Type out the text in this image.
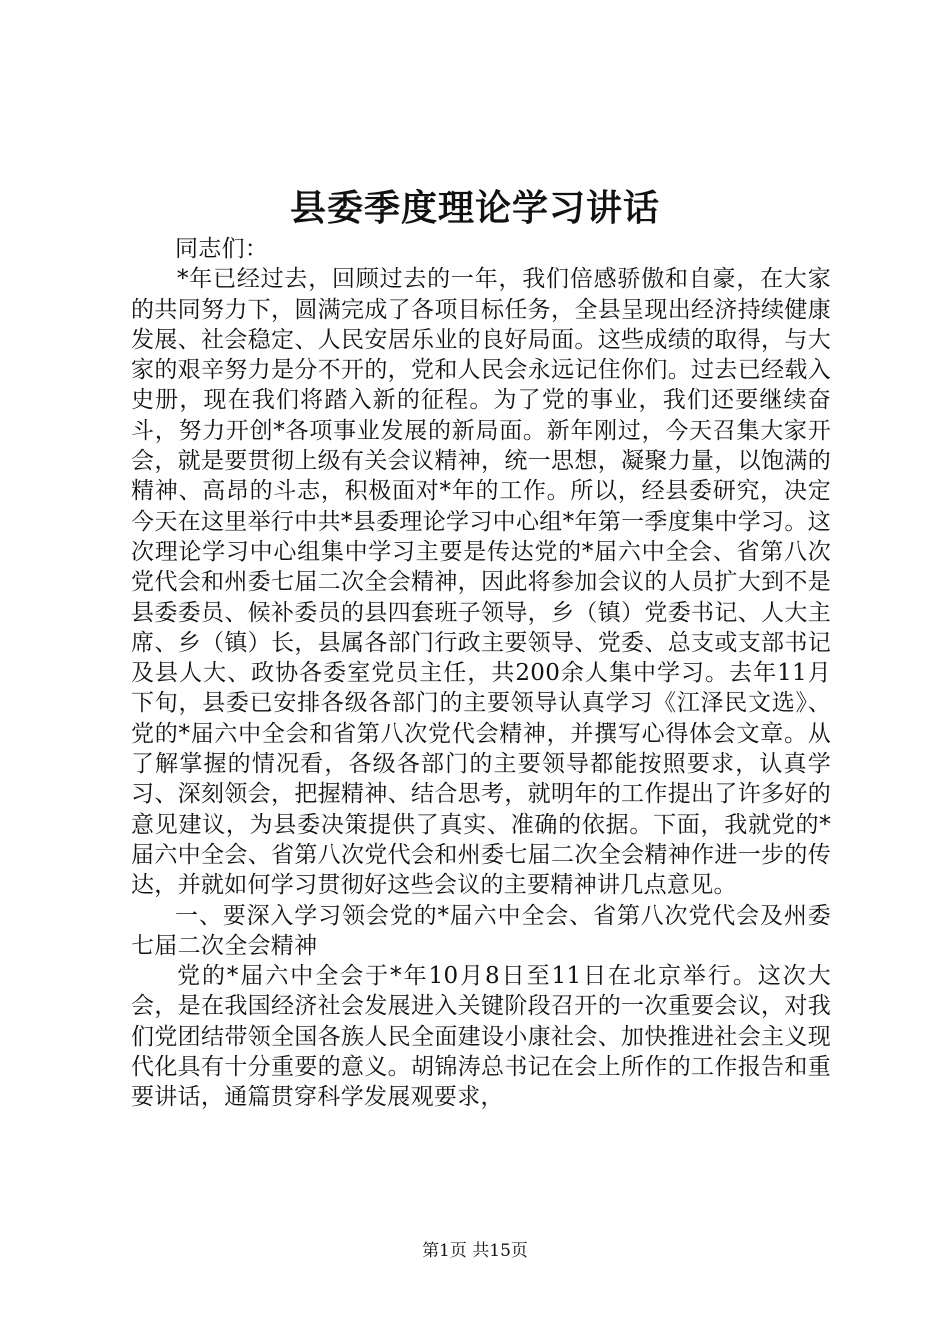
县委季度理论学习讲话

同志们：

*年已经过去，回顾过去的一年，我们倍感骄傲和自豪，在大家的共同努力下，圆满完成了各项目标任务，全县呈现出经济持续健康发展、社会稳定、人民安居乐业的良好局面。这些成绩的取得，与大家的艰辛努力是分不开的，党和人民会永远记住你们。过去已经载入史册，现在我们将踏入新的征程。为了党的事业，我们还要继续奋斗，努力开创*各项事业发展的新局面。新年刚过，今天召集大家开会，就是要贯彻上级有关会议精神，统一思想，凝聚力量，以饱满的精神、高昂的斗志，积极面对*年的工作。所以，经县委研究，决定今天在这里举行中共*县委理论学习中心组*年第一季度集中学习。这次理论学习中心组集中学习主要是传达党的*届六中全会、省第八次党代会和州委七届二次全会精神，因此将参加会议的人员扩大到不是县委委员、候补委员的县四套班子领导，乡（镇）党委书记、人大主席、乡（镇）长，县属各部门行政主要领导、党委、总支或支部书记及县人大、政协各委室党员主任，共200余人集中学习。去年11月下旬，县委已安排各级各部门的主要领导认真学习《江泽民文选》、党的*届六中全会和省第八次党代会精神，并撰写心得体会文章。从了解掌握的情况看，各级各部门的主要领导都能按照要求，认真学习、深刻领会，把握精神、结合思考，就明年的工作提出了许多好的意见建议，为县委决策提供了真实、准确的依据。下面，我就党的*届六中全会、省第八次党代会和州委七届二次全会精神作进一步的传达，并就如何学习贯彻好这些会议的主要精神讲几点意见。

一、要深入学习领会党的*届六中全会、省第八次党代会及州委七届二次全会精神

党的*届六中全会于*年10月8日至11日在北京举行。这次大会，是在我国经济社会发展进入关键阶段召开的一次重要会议，对我们党团结带领全国各族人民全面建设小康社会、加快推进社会主义现代化具有十分重要的意义。胡锦涛总书记在会上所作的工作报告和重要讲话，通篇贯穿科学发展观要求，

第1页 共15页
